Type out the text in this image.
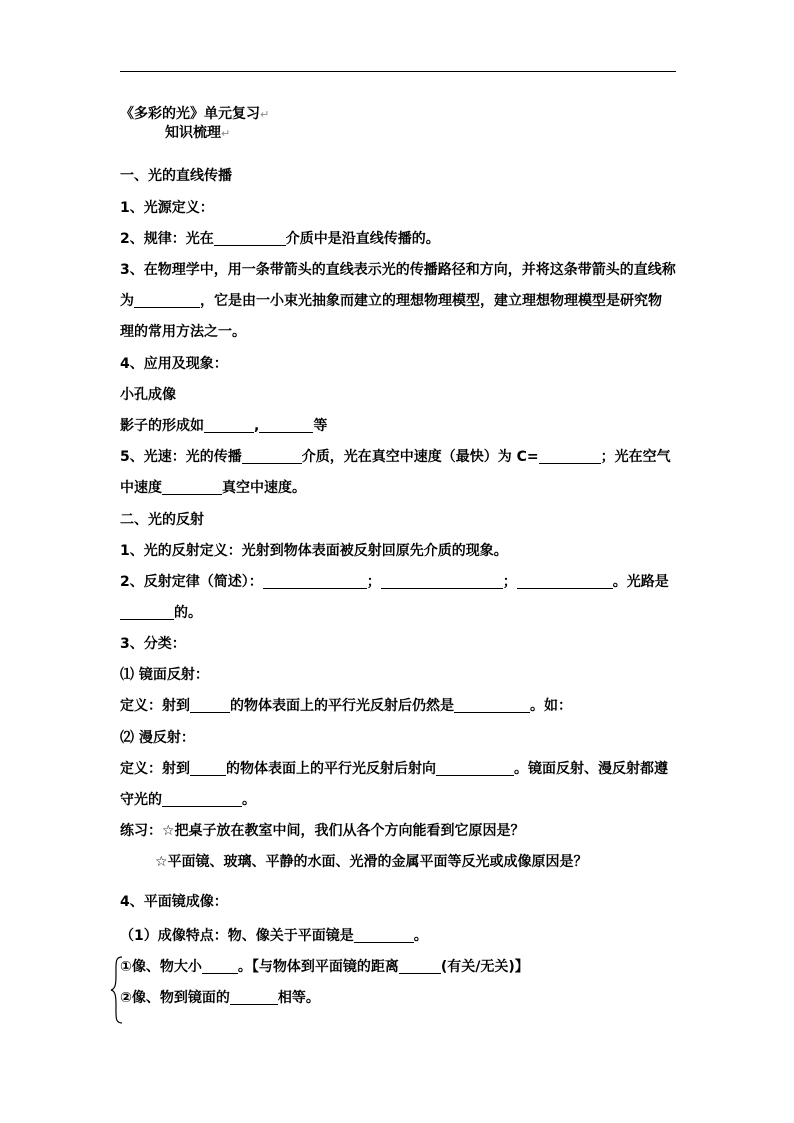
《多彩的光》单元复习↵
知识梳理↵
一、光的直线传播
1、光源定义：
2、规律：光在	介质中是沿直线传播的。
3、在物理学中，用一条带箭头的直线表示光的传播路径和方向，并将这条带箭头的直线称
为	，它是由一小束光抽象而建立的理想物理模型，建立理想物理模型是研究物
理的常用方法之一。
4、应用及现象：
小孔成像
影子的形成如	,	等
5、光速：光的传播	介质，光在真空中速度（最快）为 C=	；光在空气
中速度	真空中速度。
二、光的反射
1、光的反射定义：光射到物体表面被反射回原先介质的现象。
2、反射定律（简述）：	；	；	。光路是
的。
3、分类：
⑴ 镜面反射：
定义：射到	的物体表面上的平行光反射后仍然是	。如：
⑵ 漫反射：
定义：射到	的物体表面上的平行光反射后射向	。镜面反射、漫反射都遵
守光的	。
练习：☆把桌子放在教室中间，我们从各个方向能看到它原因是？
☆平面镜、玻璃、平静的水面、光滑的金属平面等反光或成像原因是？
4、平面镜成像：
（1）成像特点：物、像关于平面镜是	。
①像、物大小	。【与物体到平面镜的距离	(有关/无关)】
②像、物到镜面的	相等。
